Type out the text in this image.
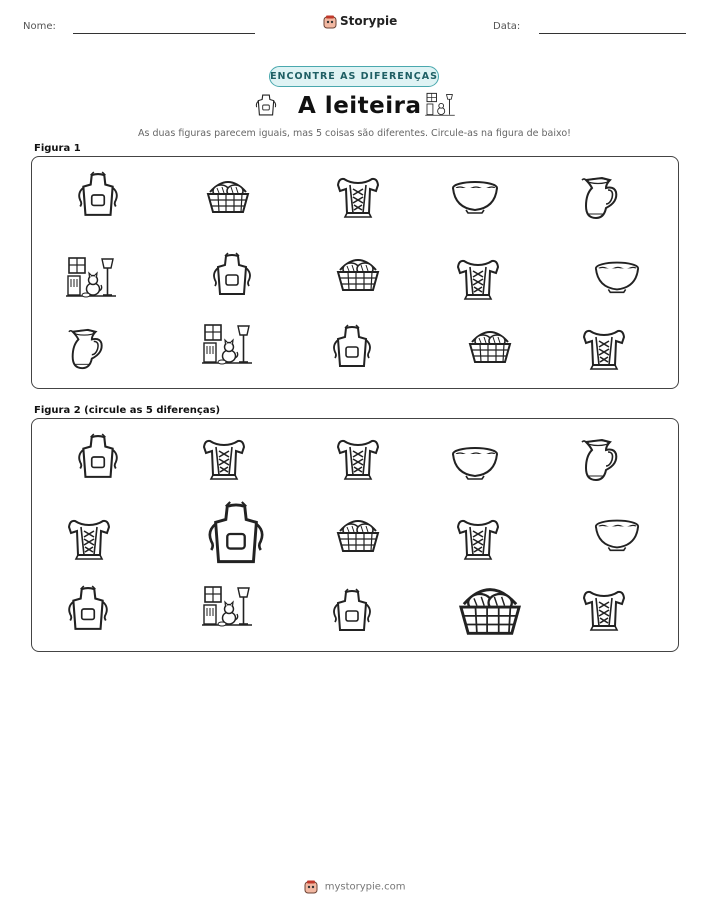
Nome:	Storypie	Data:
ENCONTRE AS DIFERENÇAS
A leiteira
As duas figuras parecem iguais, mas 5 coisas são diferentes. Circule-as na figura de baixo!
Figura 1
Figura 2 (circule as 5 diferenças)
mystorypie.com
